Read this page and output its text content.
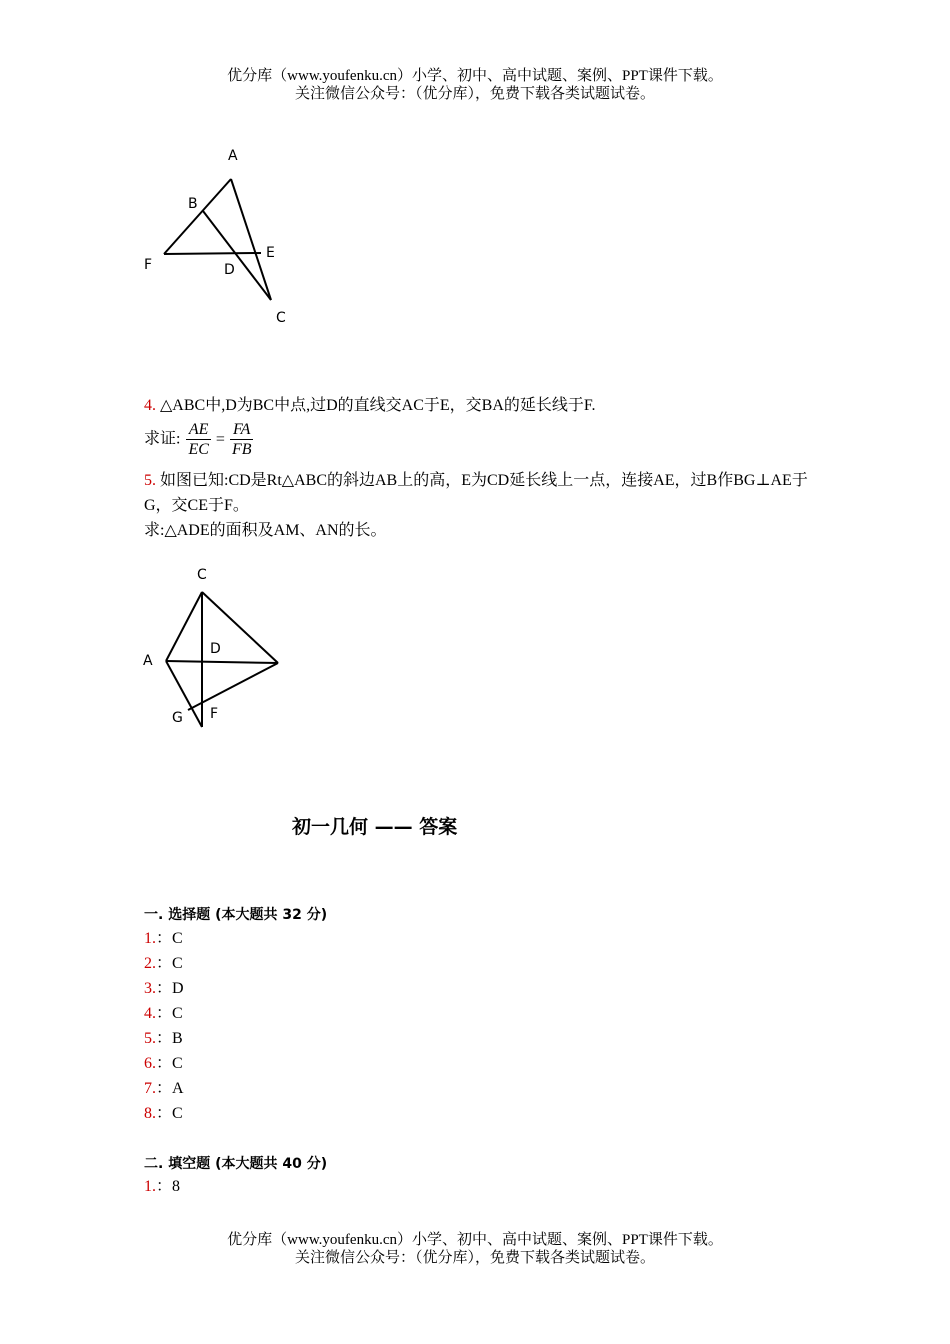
优分库（www.youfenku.cn）小学、初中、高中试题、案例、PPT课件下载。
关注微信公众号：（优分库），免费下载各类试题试卷。
A
B
E
F	D
C
4. △ABC中,D为BC中点,过D的直线交AC于E，交BA的延长线于F.
求证: $\frac{AE}{EC} = \frac{FA}{FB}$
5. 如图已知:CD是Rt△ABC的斜边AB上的高，E为CD延长线上一点，连接AE，过B作BG⊥AE于
G，交CE于F。
求:△ADE的面积及AM、AN的长。
C
A
D
G F
初一几何 —— 答案
一. 选择题 (本大题共 32 分)
1.：C
2.：C
3.：D
4.：C
5.：B
6.：C
7.：A
8.：C
二. 填空题 (本大题共 40 分)
1.：8
优分库（www.youfenku.cn）小学、初中、高中试题、案例、PPT课件下载。
关注微信公众号：（优分库），免费下载各类试题试卷。
